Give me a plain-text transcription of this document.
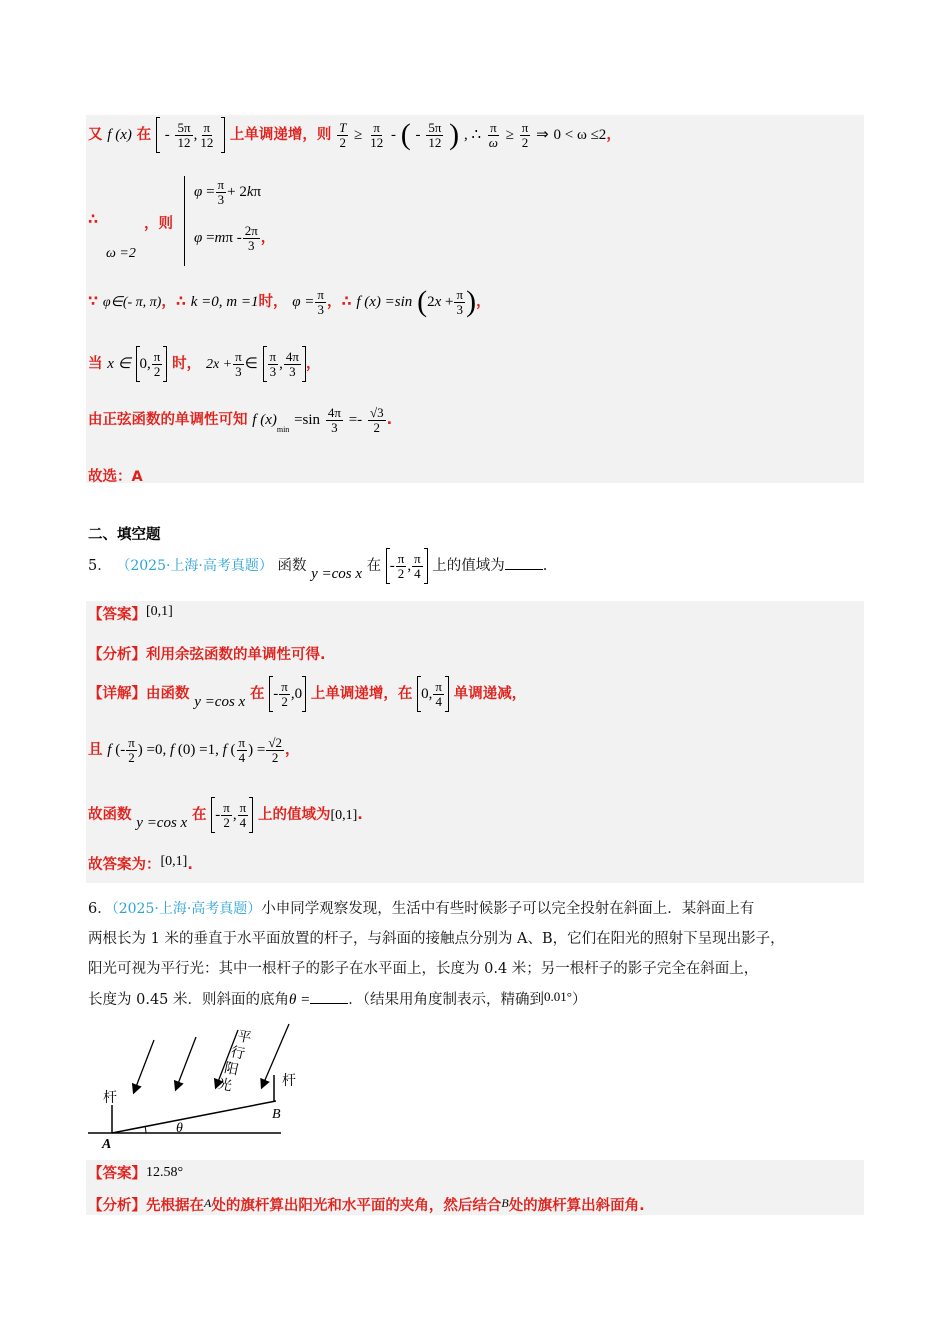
又 f (x) 在 - $\frac{5\pi}{12}$ , $\frac{\pi}{12}$ 上单调递增，则 $\frac{T}{2} \ge \frac{\pi}{12}$ - ( - $\frac{5\pi}{12}$ ) , ∴ $\frac{\pi}{\omega} \ge \frac{\pi}{2}$ ⇒ 0 < ω ≤2，
∴	，则
ω =2
$\varphi = \frac{\pi}{3} + 2k\pi$
$\varphi =m\pi - \frac{2\pi}{3}$ ，
∵ φ∈(- π, π)，∴ k =0, m =1时， $\varphi = \frac{\pi}{3}$ ，∴ f (x) =sin ($2x + \frac{\pi}{3}$ )，
当 x ∈ 0, $\frac{\pi}{2}$ 时， $2x + \frac{\pi}{3}$ ∈ $\frac{\pi}{3}$ , $\frac{4\pi}{3}$ ，
由正弦函数的单调性可知 f $(x)_{min} =\sin \frac{4\pi}{3} =- \frac{√3}{2}$ .
故选：A
二、填空题
5． （2025·上海·高考真题） 函数 y =cos x 在 - $\frac{\pi}{2}$ , $\frac{\pi}{4}$ 上的值域为	.
【答案】[0,1]
【分析】利用余弦函数的单调性可得.
【详解】由函数 y =cos x 在 - $\frac{\pi}{2} ,0$ 上单调递增，在 0, $\frac{\pi}{4}$ 单调递减，
且 f (- $\frac{\pi}{2}$ ) =0, f (0) =1, f ( $\frac{\pi}{4}$ ) = $\frac{√2}{2}$ ，
故函数 y =cos x 在 - $\frac{\pi}{2}$ , $\frac{\pi}{4}$ 上的值域为[0,1].
故答案为：[0,1].
6．（2025·上海·高考真题）小申同学观察发现，生活中有些时候影子可以完全投射在斜面上．某斜面上有
两根长为 1 米的垂直于水平面放置的杆子，与斜面的接触点分别为 A、B，它们在阳光的照射下呈现出影子，
阳光可视为平行光：其中一根杆子的影子在水平面上，长度为 0.4 米；另一根杆子的影子完全在斜面上，
长度为 0.45 米．则斜面的底角θ =	．（结果用角度制表示，精确到0.01°）
杆
杆
A
B
θ
平
行
阳
光
【答案】12.58°
【分析】先根据在$^A$处的旗杆算出阳光和水平面的夹角，然后结合$^B$处的旗杆算出斜面角.
